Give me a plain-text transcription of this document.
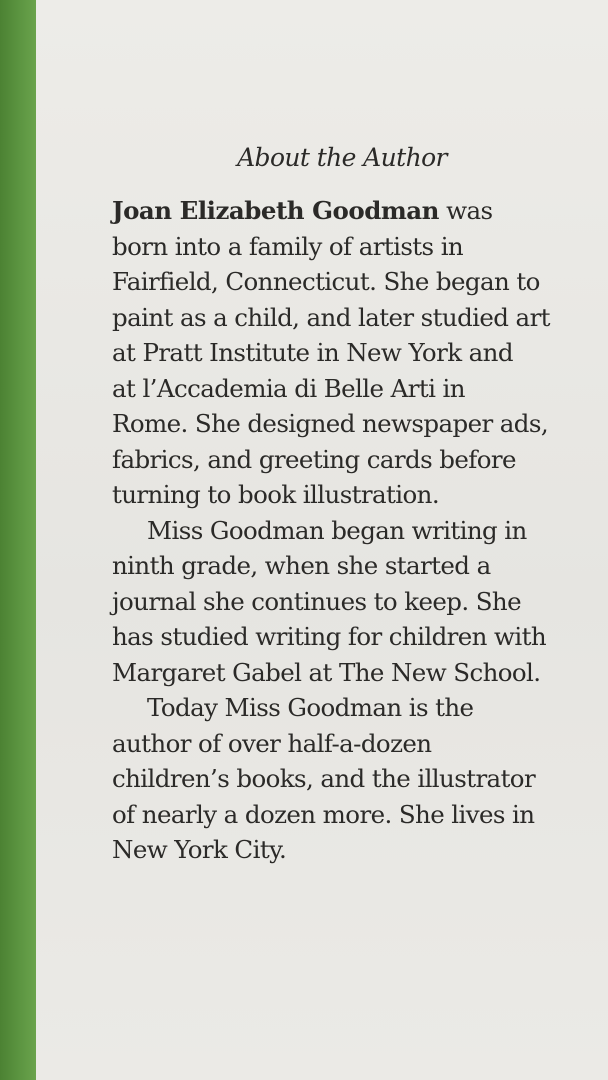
About the Author
Joan Elizabeth Goodman was
born into a family of artists in
Fairfield, Connecticut. She began to
paint as a child, and later studied art
at Pratt Institute in New York and
at l’Accademia di Belle Arti in
Rome. She designed newspaper ads,
fabrics, and greeting cards before
turning to book illustration.
Miss Goodman began writing in
ninth grade, when she started a
journal she continues to keep. She
has studied writing for children with
Margaret Gabel at The New School.
Today Miss Goodman is the
author of over half-a-dozen
children’s books, and the illustrator
of nearly a dozen more. She lives in
New York City.
